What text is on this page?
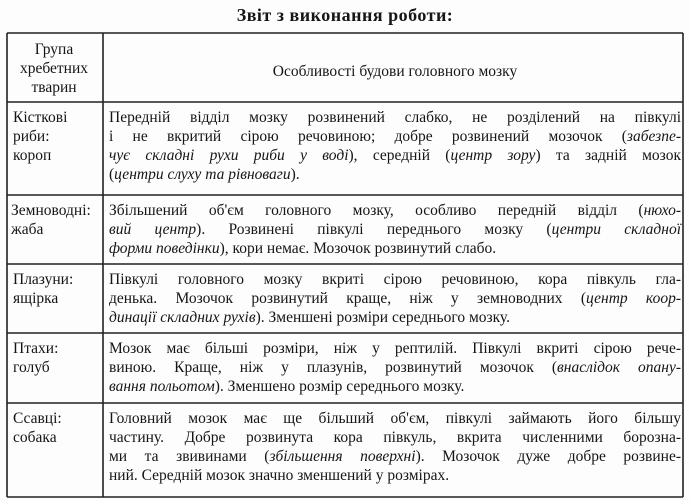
Звіт з виконання роботи:
Група
хребетних
тварин
Особливості будови головного мозку
Кісткові
риби:
короп
Передній відділ мозку розвинений слабко, не розділений на півкулі
і не вкритий сірою речовиною; добре розвинений мозочок (забезпе-
чує складні рухи риби у воді), середній (центр зору) та задній мозок
(центри слуху та рівноваги).
Земноводні: жаба
Збільшений об'єм головного мозку, особливо передній відділ (нюхо-
вий центр). Розвинені півкулі переднього мозку (центри складної
форми поведінки), кори немає. Мозочок розвинутий слабо.
Плазуни:
ящірка
Півкулі головного мозку вкриті сірою речовиною, кора півкуль гла-
денька. Мозочок розвинутий краще, ніж у земноводних (центр коор-
динації складних рухів). Зменшені розміри середнього мозку.
Птахи:
голуб
Мозок має більші розміри, ніж у рептилій. Півкулі вкриті сірою рече-
виною. Краще, ніж у плазунів, розвинутий мозочок (внаслідок опану-
вання польотом). Зменшено розмір середнього мозку.
Ссавці:
собака
Головний мозок має ще більший об'єм, півкулі займають його більшу
частину. Добре розвинута кора півкуль, вкрита численними борозна-
ми та звивинами (збільшення поверхні). Мозочок дуже добре розвине-
ний. Середній мозок значно зменшений у розмірах.
